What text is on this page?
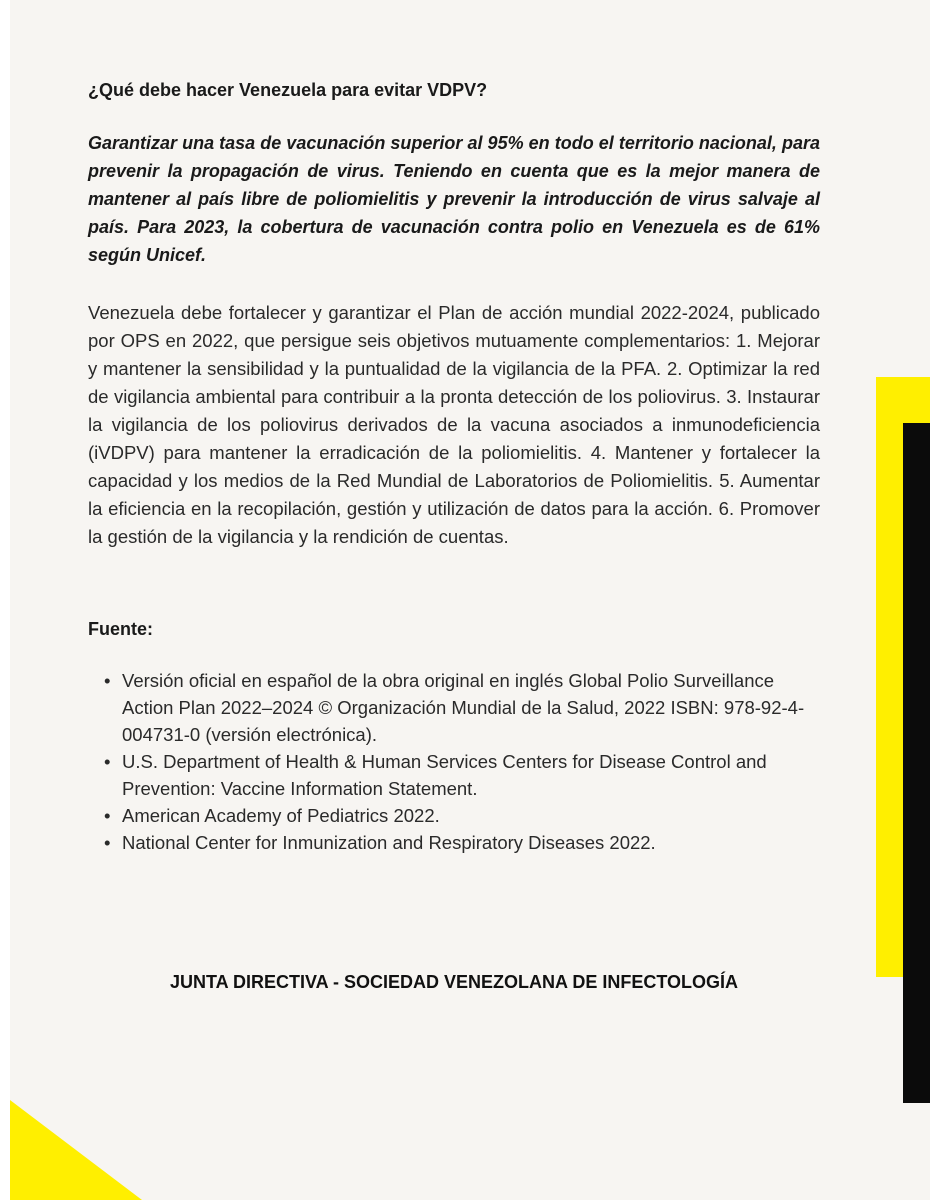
¿Qué debe hacer Venezuela para evitar VDPV?

Garantizar una tasa de vacunación superior al 95% en todo el territorio nacional, para prevenir la propagación de virus. Teniendo en cuenta que es la mejor manera de mantener al país libre de poliomielitis y prevenir la introducción de virus salvaje al país. Para 2023, la cobertura de vacunación contra polio en Venezuela es de 61% según Unicef.

Venezuela debe fortalecer y garantizar el Plan de acción mundial 2022-2024, publicado por OPS en 2022, que persigue seis objetivos mutuamente complementarios: 1. Mejorar y mantener la sensibilidad y la puntualidad de la vigilancia de la PFA. 2. Optimizar la red de vigilancia ambiental para contribuir a la pronta detección de los poliovirus. 3. Instaurar la vigilancia de los poliovirus derivados de la vacuna asociados a inmunodeficiencia (iVDPV) para mantener la erradicación de la poliomielitis. 4. Mantener y fortalecer la capacidad y los medios de la Red Mundial de Laboratorios de Poliomielitis. 5. Aumentar la eficiencia en la recopilación, gestión y utilización de datos para la acción. 6. Promover la gestión de la vigilancia y la rendición de cuentas.

Fuente:

• Versión oficial en español de la obra original en inglés Global Polio Surveillance Action Plan 2022–2024 © Organización Mundial de la Salud, 2022 ISBN: 978-92-4-004731-0 (versión electrónica).
• U.S. Department of Health & Human Services Centers for Disease Control and Prevention: Vaccine Information Statement.
• American Academy of Pediatrics 2022.
• National Center for Inmunization and Respiratory Diseases 2022.
JUNTA DIRECTIVA - SOCIEDAD VENEZOLANA DE INFECTOLOGÍA
